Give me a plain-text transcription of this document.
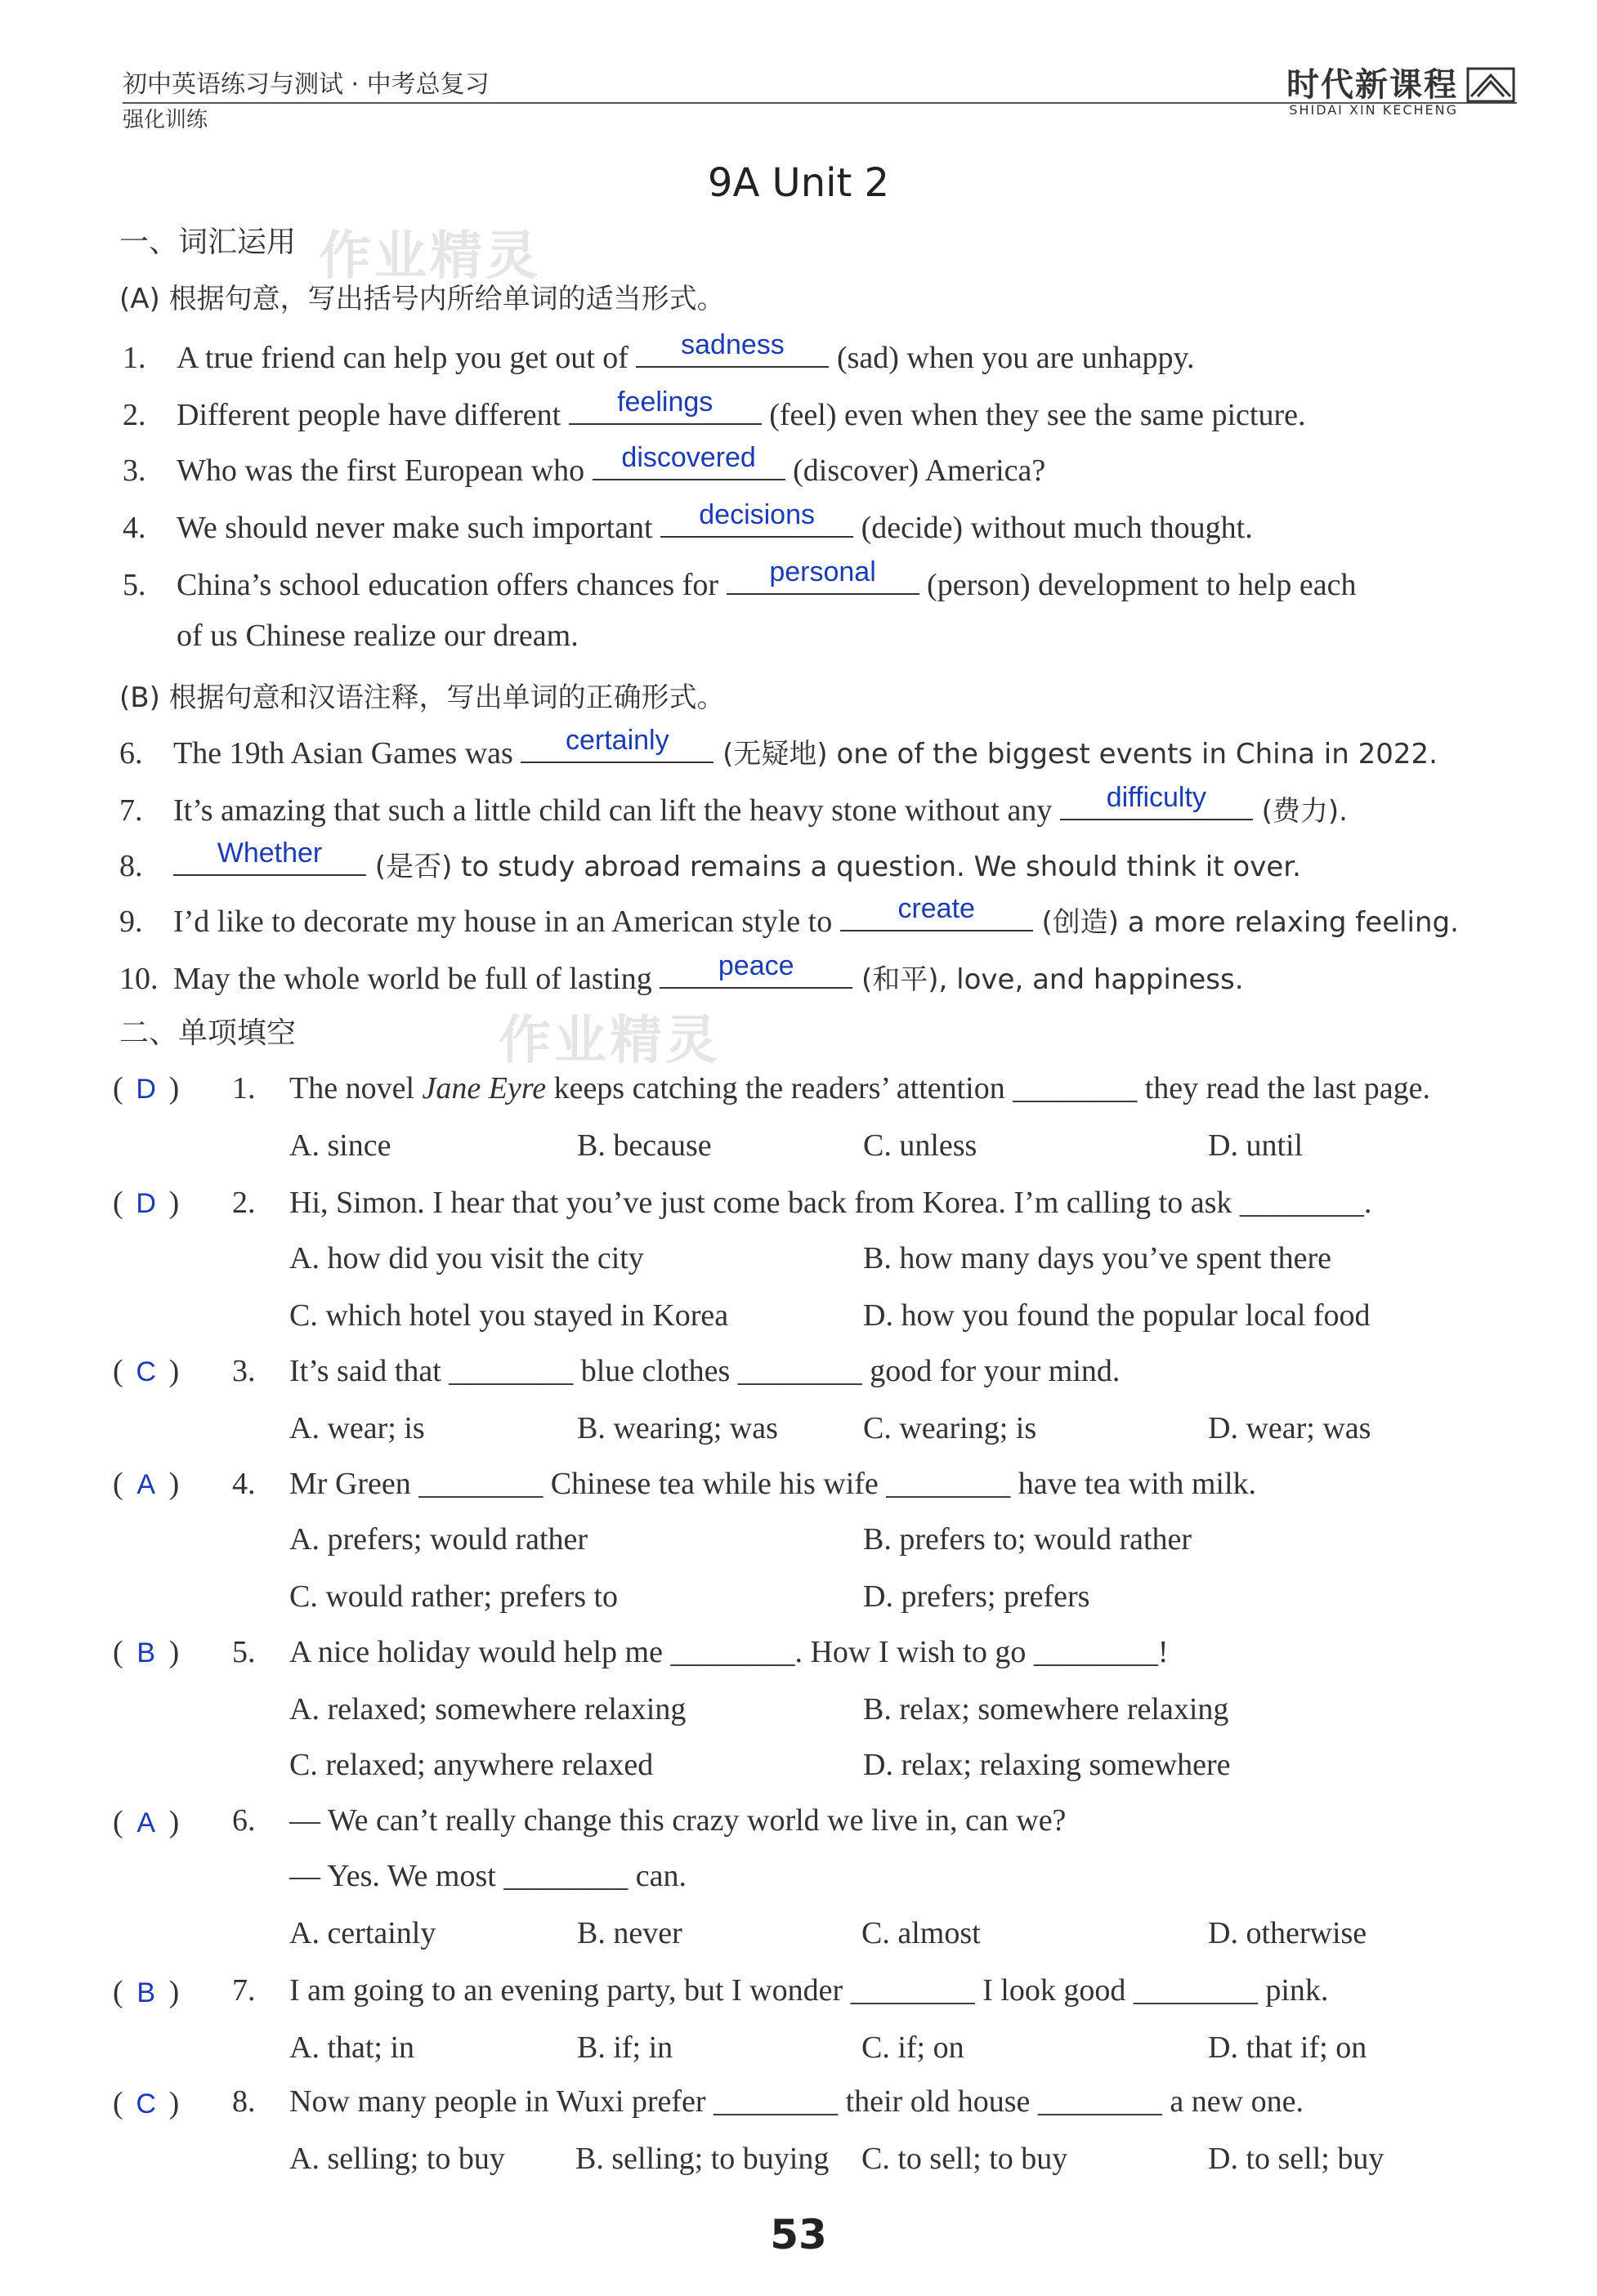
初中英语练习与测试 · 中考总复习
强化训练
时代新课程
SHIDAI XIN KECHENG
9A Unit 2
作业精灵
作业精灵
一、词汇运用
(A) 根据句意，写出括号内所给单词的适当形式。
1. A true friend can help you get out of	sadness	(sad) when you are unhappy.
2. Different people have different	feelings	(feel) even when they see the same picture.
3. Who was the first European who	discovered (discover) America?
4. We should never make such important	decisions	(decide) without much thought.
5. China’s school education offers chances for	personal	(person) development to help each
of us Chinese realize our dream.
(B) 根据句意和汉语注释，写出单词的正确形式。
6. The 19th Asian Games was	certainly	(无疑地) one of the biggest events in China in 2022.
7. It’s amazing that such a little child can lift the heavy stone without any	difficulty	(费力).
8.	Whether	(是否) to study abroad remains a question. We should think it over.
9. I’d like to decorate my house in an American style to	create	(创造) a more relaxing feeling.
10. May the whole world be full of lasting	peace	(和平), love, and happiness.
二、单项填空
( D ) 1. The novel Jane Eyre keeps catching the readers’ attention ________ they read the last page.
A. since	B. because	C. unless	D. until
( D ) 2. Hi, Simon. I hear that you’ve just come back from Korea. I’m calling to ask ________.
A. how did you visit the city	B. how many days you’ve spent there
C. which hotel you stayed in Korea	D. how you found the popular local food
( C ) 3. It’s said that ________ blue clothes ________ good for your mind.
A. wear; is	B. wearing; was	C. wearing; is	D. wear; was
( A ) 4. Mr Green ________ Chinese tea while his wife ________ have tea with milk.
A. prefers; would rather	B. prefers to; would rather
C. would rather; prefers to	D. prefers; prefers
( B ) 5. A nice holiday would help me ________. How I wish to go ________!
A. relaxed; somewhere relaxing	B. relax; somewhere relaxing
C. relaxed; anywhere relaxed	D. relax; relaxing somewhere
( A ) 6. — We can’t really change this crazy world we live in, can we?
— Yes. We most ________ can.
A. certainly	B. never	C. almost	D. otherwise
( B ) 7. I am going to an evening party, but I wonder ________ I look good ________ pink.
A. that; in	B. if; in	C. if; on	D. that if; on
( C ) 8. Now many people in Wuxi prefer ________ their old house ________ a new one.
A. selling; to buy B. selling; to buying C. to sell; to buy	D. to sell; buy
53
